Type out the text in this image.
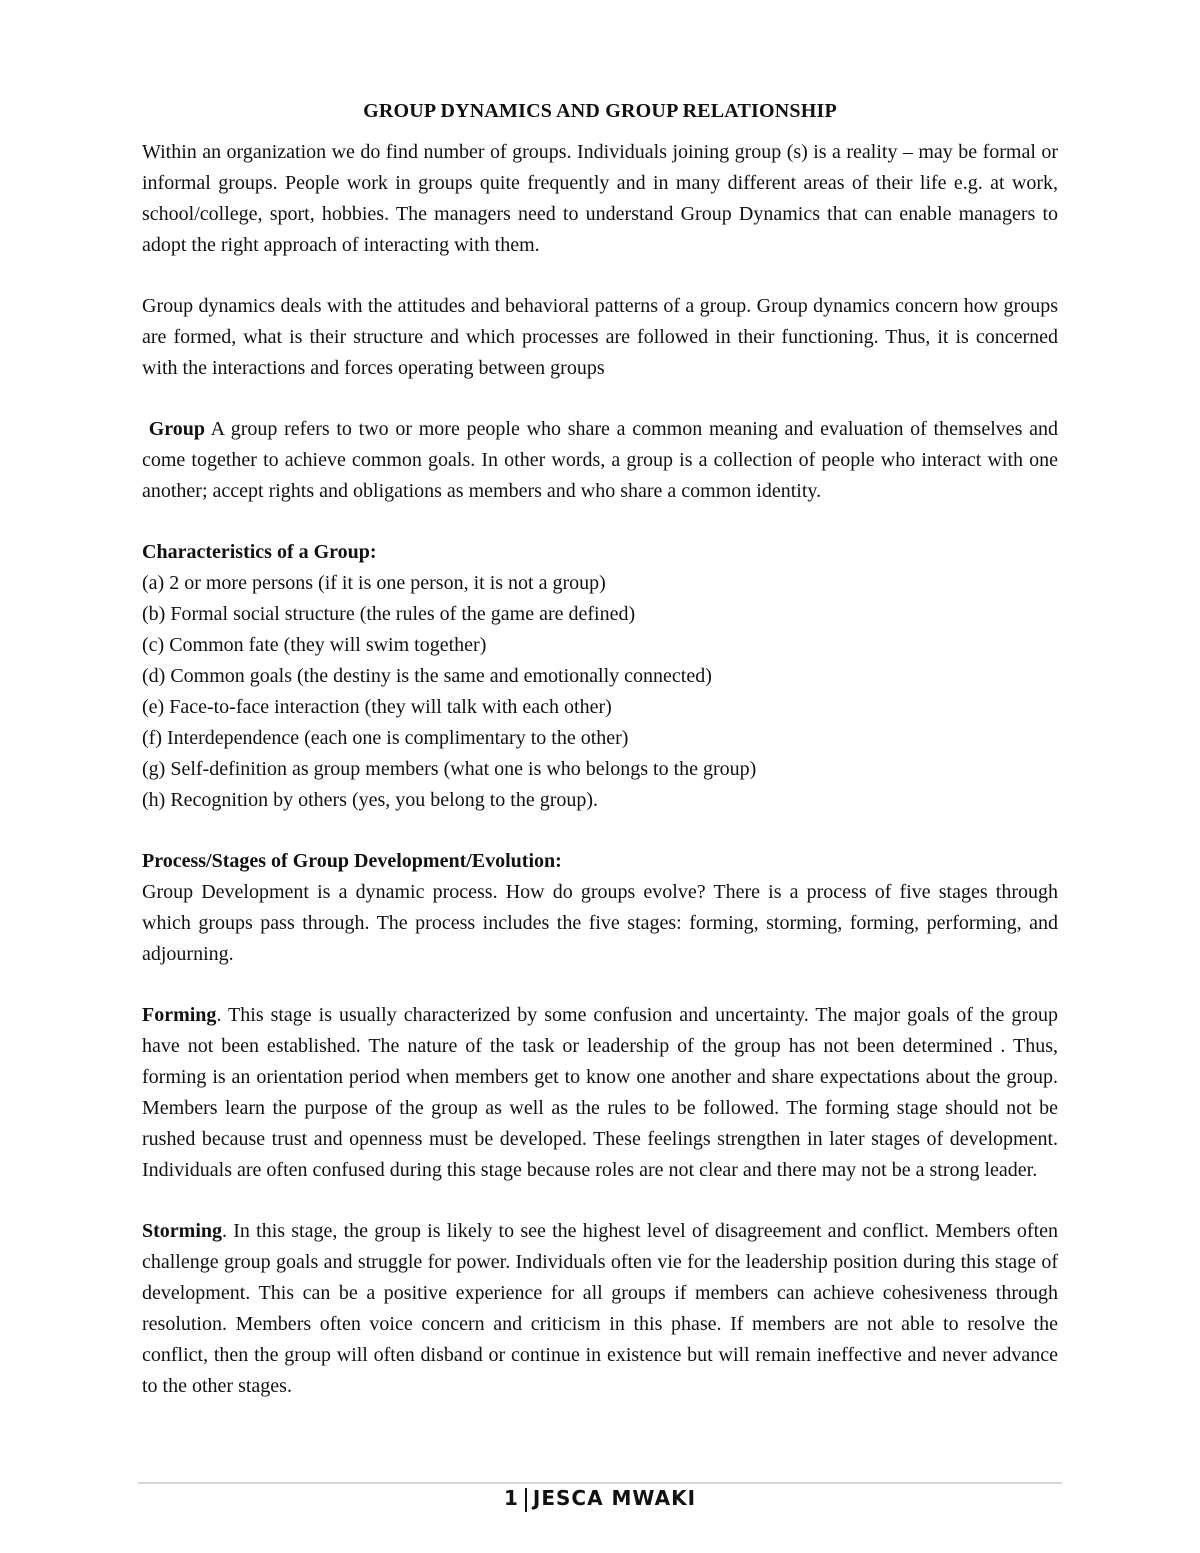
GROUP DYNAMICS AND GROUP RELATIONSHIP

Within an organization we do find number of groups. Individuals joining group (s) is a reality – may be formal or informal groups. People work in groups quite frequently and in many different areas of their life e.g. at work, school/college, sport, hobbies. The managers need to understand Group Dynamics that can enable managers to adopt the right approach of interacting with them.

Group dynamics deals with the attitudes and behavioral patterns of a group. Group dynamics concern how groups are formed, what is their structure and which processes are followed in their functioning. Thus, it is concerned with the interactions and forces operating between groups

Group A group refers to two or more people who share a common meaning and evaluation of themselves and come together to achieve common goals. In other words, a group is a collection of people who interact with one another; accept rights and obligations as members and who share a common identity.

Characteristics of a Group:
(a) 2 or more persons (if it is one person, it is not a group)
(b) Formal social structure (the rules of the game are defined)
(c) Common fate (they will swim together)
(d) Common goals (the destiny is the same and emotionally connected)
(e) Face-to-face interaction (they will talk with each other)
(f) Interdependence (each one is complimentary to the other)
(g) Self-definition as group members (what one is who belongs to the group)
(h) Recognition by others (yes, you belong to the group).
Process/Stages of Group Development/Evolution:

Group Development is a dynamic process. How do groups evolve? There is a process of five stages through which groups pass through. The process includes the five stages: forming, storming, forming, performing, and adjourning.

Forming. This stage is usually characterized by some confusion and uncertainty. The major goals of the group have not been established. The nature of the task or leadership of the group has not been determined . Thus, forming is an orientation period when members get to know one another and share expectations about the group. Members learn the purpose of the group as well as the rules to be followed. The forming stage should not be rushed because trust and openness must be developed. These feelings strengthen in later stages of development. Individuals are often confused during this stage because roles are not clear and there may not be a strong leader.

Storming. In this stage, the group is likely to see the highest level of disagreement and conflict. Members often challenge group goals and struggle for power. Individuals often vie for the leadership position during this stage of development. This can be a positive experience for all groups if members can achieve cohesiveness through resolution. Members often voice concern and criticism in this phase. If members are not able to resolve the conflict, then the group will often disband or continue in existence but will remain ineffective and never advance to the other stages.

1 JESCA MWAKI
